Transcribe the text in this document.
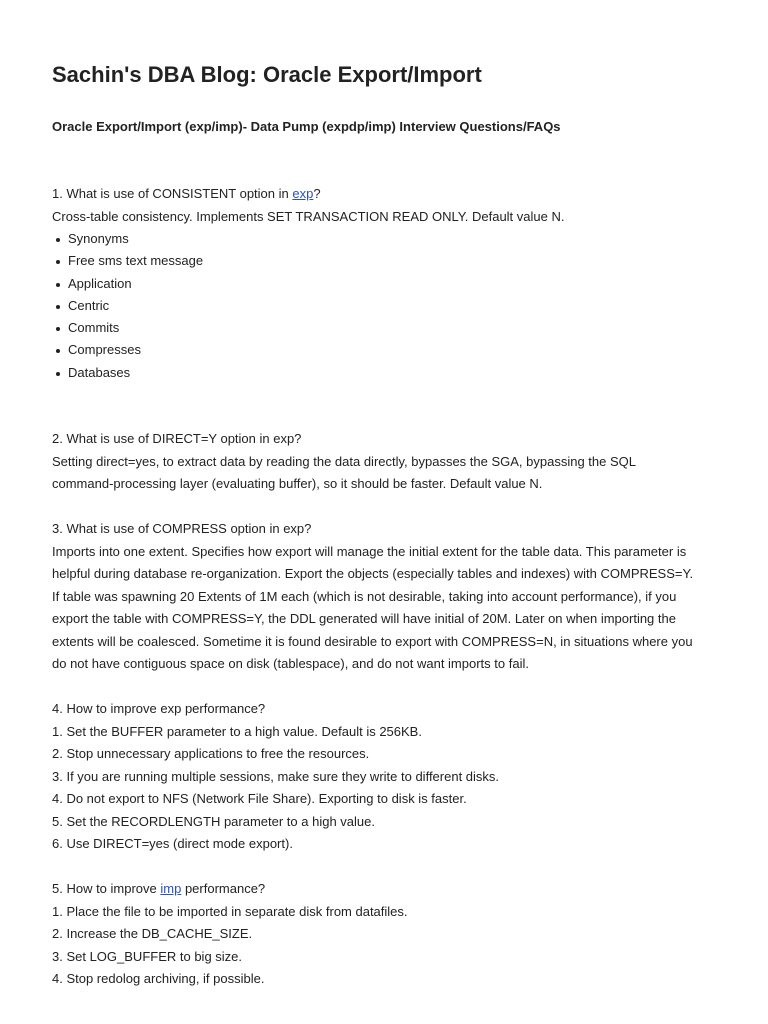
Sachin's DBA Blog: Oracle Export/Import
Oracle Export/Import (exp/imp)- Data Pump (expdp/imp) Interview Questions/FAQs

1. What is use of CONSISTENT option in exp?

Cross-table consistency. Implements SET TRANSACTION READ ONLY. Default value N.

Synonyms
Free sms text message
Application
Centric
Commits
Compresses
Databases

2. What is use of DIRECT=Y option in exp?

Setting direct=yes, to extract data by reading the data directly, bypasses the SGA, bypassing the SQL

command-processing layer (evaluating buffer), so it should be faster. Default value N.

3. What is use of COMPRESS option in exp?

Imports into one extent. Specifies how export will manage the initial extent for the table data. This parameter is

helpful during database re-organization. Export the objects (especially tables and indexes) with COMPRESS=Y.

If table was spawning 20 Extents of 1M each (which is not desirable, taking into account performance), if you

export the table with COMPRESS=Y, the DDL generated will have initial of 20M. Later on when importing the

extents will be coalesced. Sometime it is found desirable to export with COMPRESS=N, in situations where you

do not have contiguous space on disk (tablespace), and do not want imports to fail.

4. How to improve exp performance?

1. Set the BUFFER parameter to a high value. Default is 256KB.

2. Stop unnecessary applications to free the resources.

3. If you are running multiple sessions, make sure they write to different disks.

4. Do not export to NFS (Network File Share). Exporting to disk is faster.

5. Set the RECORDLENGTH parameter to a high value.

6. Use DIRECT=yes (direct mode export).

5. How to improve imp performance?

1. Place the file to be imported in separate disk from datafiles.

2. Increase the DB_CACHE_SIZE.

3. Set LOG_BUFFER to big size.

4. Stop redolog archiving, if possible.
